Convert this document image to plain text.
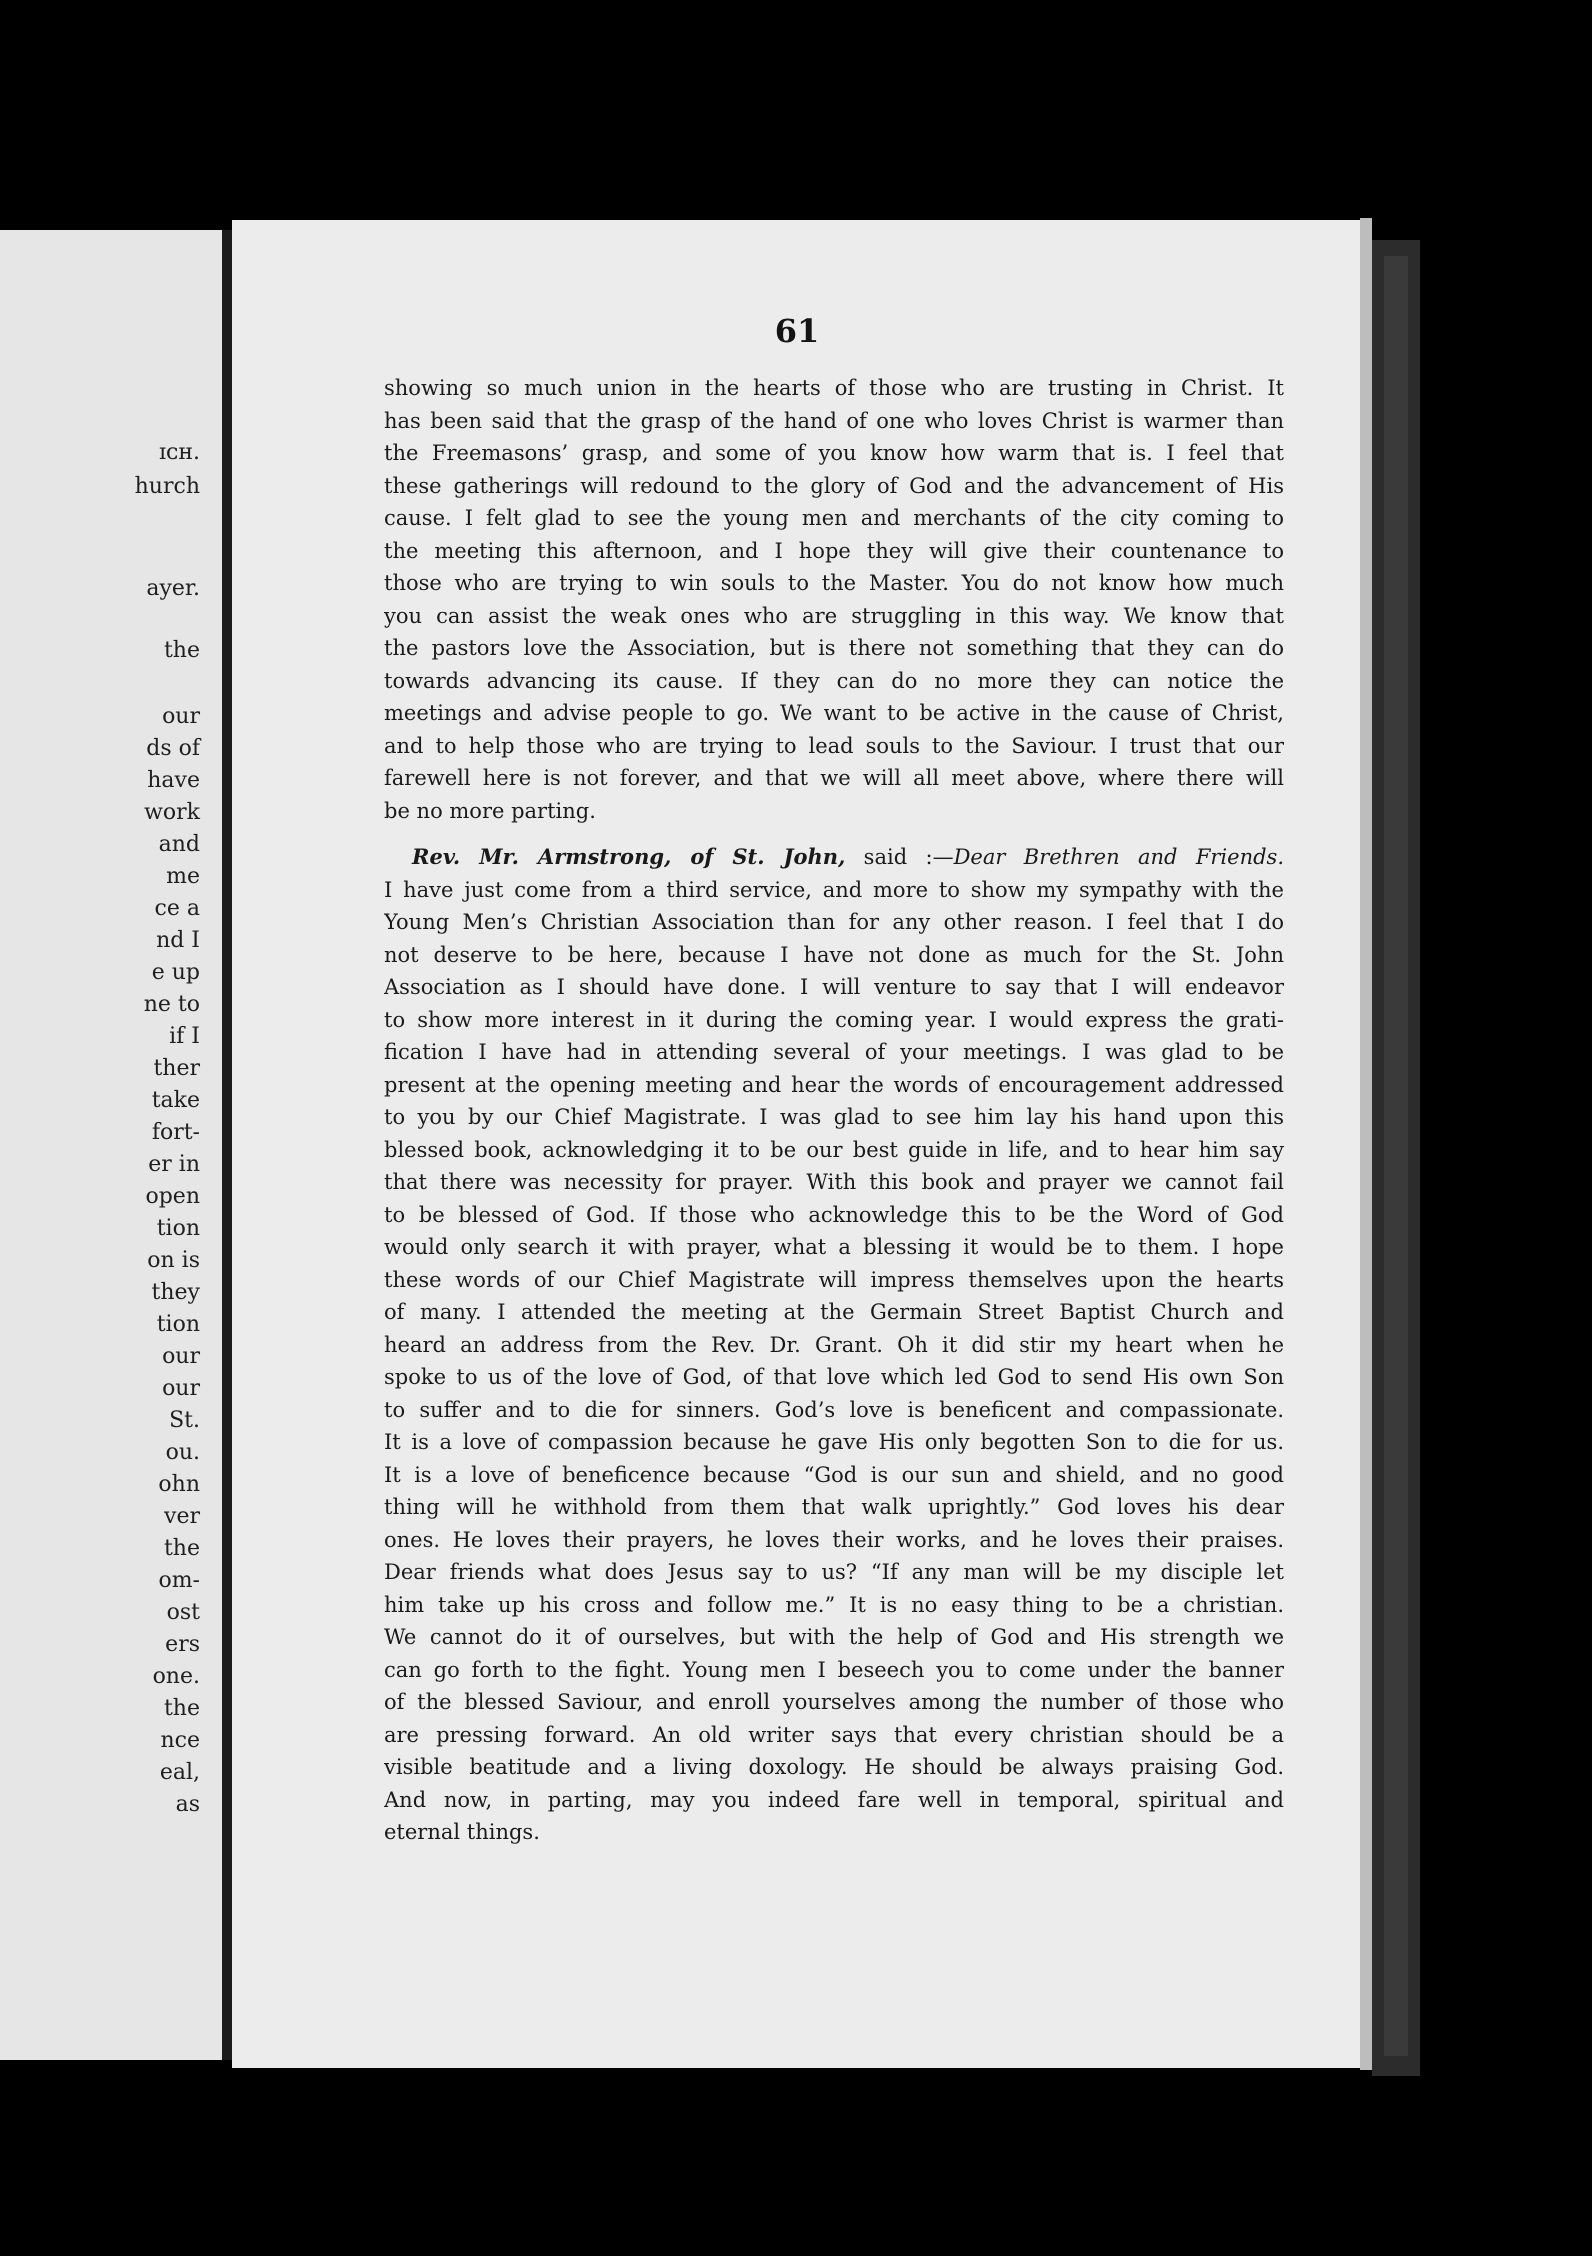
ɪᴄʜ.
hurch
ayer.
the
our
ds of
have
work
and
me
ce a
nd I
e up
ne to
if I
ther
take
fort-
er in
open
tion
on is
they
tion
our
our
St.
ou.
ohn
ver
the
om-
ost
ers
one.
the
nce
eal,
as
61
showing so much union in the hearts of those who are trusting in Christ. It
has been said that the grasp of the hand of one who loves Christ is warmer than
the Freemasons’ grasp, and some of you know how warm that is. I feel that
these gatherings will redound to the glory of God and the advancement of His
cause. I felt glad to see the young men and merchants of the city coming to
the meeting this afternoon, and I hope they will give their countenance to
those who are trying to win souls to the Master. You do not know how much
you can assist the weak ones who are struggling in this way. We know that
the pastors love the Association, but is there not something that they can do
towards advancing its cause. If they can do no more they can notice the
meetings and advise people to go. We want to be active in the cause of Christ,
and to help those who are trying to lead souls to the Saviour. I trust that our
farewell here is not forever, and that we will all meet above, where there will
be no more parting.
Rev. Mr. Armstrong, of St. John, said :—Dear Brethren and Friends.
I have just come from a third service, and more to show my sympathy with the
Young Men’s Christian Association than for any other reason. I feel that I do
not deserve to be here, because I have not done as much for the St. John
Association as I should have done. I will venture to say that I will endeavor
to show more interest in it during the coming year. I would express the grati-
fication I have had in attending several of your meetings. I was glad to be
present at the opening meeting and hear the words of encouragement addressed
to you by our Chief Magistrate. I was glad to see him lay his hand upon this
blessed book, acknowledging it to be our best guide in life, and to hear him say
that there was necessity for prayer. With this book and prayer we cannot fail
to be blessed of God. If those who acknowledge this to be the Word of God
would only search it with prayer, what a blessing it would be to them. I hope
these words of our Chief Magistrate will impress themselves upon the hearts
of many. I attended the meeting at the Germain Street Baptist Church and
heard an address from the Rev. Dr. Grant. Oh it did stir my heart when he
spoke to us of the love of God, of that love which led God to send His own Son
to suffer and to die for sinners. God’s love is beneficent and compassionate.
It is a love of compassion because he gave His only begotten Son to die for us.
It is a love of beneficence because “God is our sun and shield, and no good
thing will he withhold from them that walk uprightly.” God loves his dear
ones. He loves their prayers, he loves their works, and he loves their praises.
Dear friends what does Jesus say to us? “If any man will be my disciple let
him take up his cross and follow me.” It is no easy thing to be a christian.
We cannot do it of ourselves, but with the help of God and His strength we
can go forth to the fight. Young men I beseech you to come under the banner
of the blessed Saviour, and enroll yourselves among the number of those who
are pressing forward. An old writer says that every christian should be a
visible beatitude and a living doxology. He should be always praising God.
And now, in parting, may you indeed fare well in temporal, spiritual and
eternal things.
